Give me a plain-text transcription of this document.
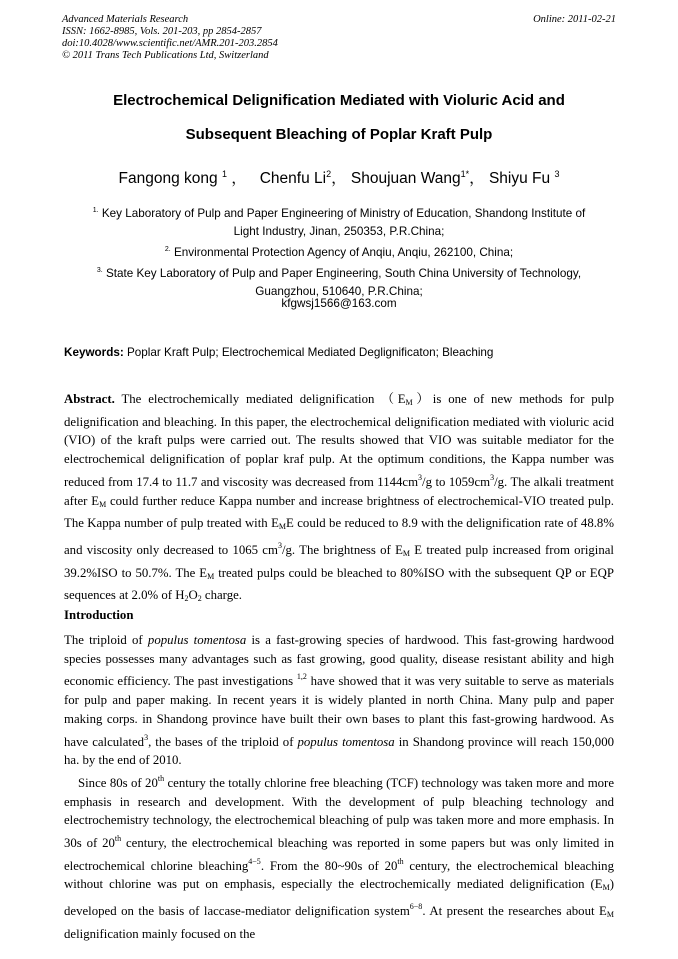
Advanced Materials Research
ISSN: 1662-8985, Vols. 201-203, pp 2854-2857
doi:10.4028/www.scientific.net/AMR.201-203.2854
© 2011 Trans Tech Publications Ltd, Switzerland
Online: 2011-02-21
Electrochemical Delignification Mediated with Violuric Acid and
Subsequent Bleaching of Poplar Kraft Pulp
Fangong kong $^1$ ，   Chenfu Li$^2$， Shoujuan Wang$^{1*}$， Shiyu Fu $^3$
$^{1.}$ Key Laboratory of Pulp and Paper Engineering of Ministry of Education, Shandong Institute of
Light Industry, Jinan, 250353, P.R.China;
$^{2.}$ Environmental Protection Agency of Anqiu, Anqiu, 262100, China;
$^{3.}$ State Key Laboratory of Pulp and Paper Engineering, South China University of Technology,
Guangzhou, 510640, P.R.China;
kfgwsj1566@163.com
Keywords: Poplar Kraft Pulp; Electrochemical Mediated Deglignificaton; Bleaching
Abstract. The electrochemically mediated delignification $(E_M)is$ one of new methods for pulp delignification and bleaching. In this paper, the electrochemical delignification mediated with violuric acid (VIO) of the kraft pulps were carried out. The results showed that VIO was suitable mediator for the electrochemical delignification of poplar kraf pulp. At the optimum conditions, the Kappa number was reduced from 17.4 to 11.7 and viscosity was decreased from $1144cm^3/g$ to $1059cm^3/g$. The alkali treatment after $E_M$ could further reduce Kappa number and increase brightness of electrochemical-VIO treated pulp. The Kappa number of pulp treated with $E_ME$ could be reduced to 8.9 with the delignification rate of 48.8% and viscosity only decreased to 1065 $cm^3/g$. The brightness of $E_M$ E treated pulp increased from original 39.2%ISO to 50.7%. The $E_M$ treated pulps could be bleached to 80%ISO with the subsequent QP or EQP sequences at 2.0% of $H_2O_2$ charge.
Introduction

The triploid of populus tomentosa is a fast-growing species of hardwood. This fast-growing hardwood species possesses many advantages such as fast growing, good quality, disease resistant ability and high economic efficiency. The past investigations $^{1,2}$ have showed that it was very suitable to serve as materials for pulp and paper making. In recent years it is widely planted in north China. Many pulp and paper making corps. in Shandong province have built their own bases to plant this fast-growing hardwood. As have calculated$^3$, the bases of the triploid of populus tomentosa in Shandong province will reach 150,000 ha. by the end of 2010.

Since 80s of 20th century the totally chlorine free bleaching (TCF) technology was taken more and more emphasis in research and development. With the development of pulp bleaching technology and electrochemistry technology, the electrochemical bleaching of pulp was taken more and more emphasis. In 30s of 20th century, the electrochemical bleaching was reported in some papers but was only limited in electrochemical chlorine bleaching$^{4-5}$. From the 80~90s of 20th century, the electrochemical bleaching without chlorine was put on emphasis, especially the electrochemically mediated delignification $(E_M)$ developed on the basis of laccase-mediator delignification system$^{6-8}$. At present the researches about $E_M$ delignification mainly focused on the
